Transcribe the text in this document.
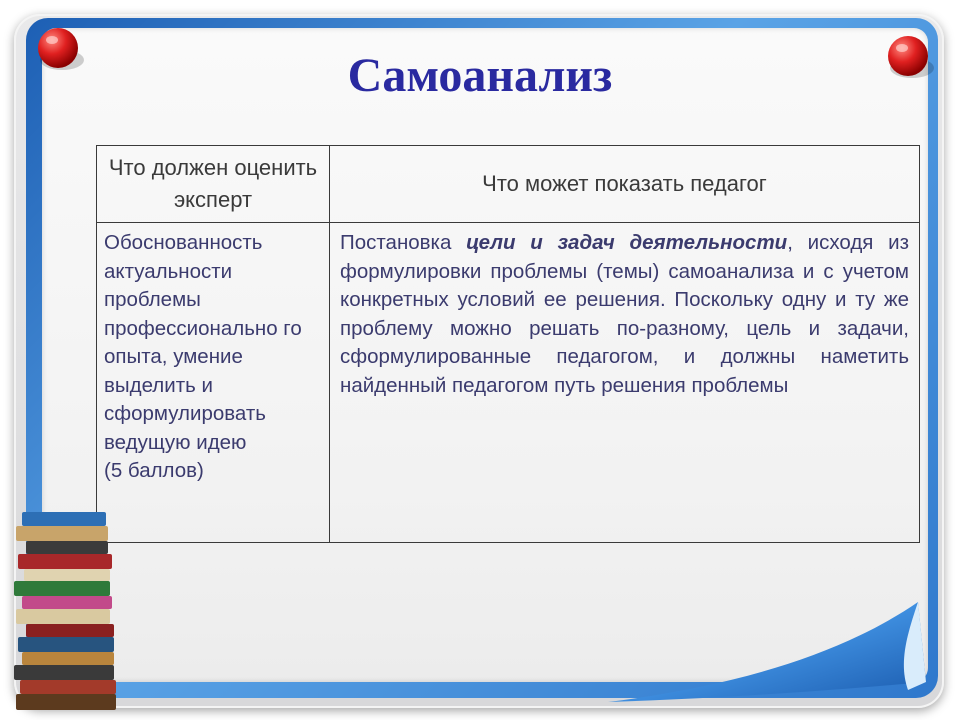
Самоанализ
Что должен оценить эксперт	Что может показать педагог
Обоснованность актуальности проблемы профессионально го опыта, умение выделить и сформулировать ведущую идею
(5 баллов)	Постановка цели и задач деятельности, исходя из формулировки проблемы (темы) самоанализа и с учетом конкретных условий ее решения. Поскольку одну и ту же проблему можно решать по-разному, цель и задачи, сформулированные педагогом, и должны наметить найденный педагогом путь решения проблемы
